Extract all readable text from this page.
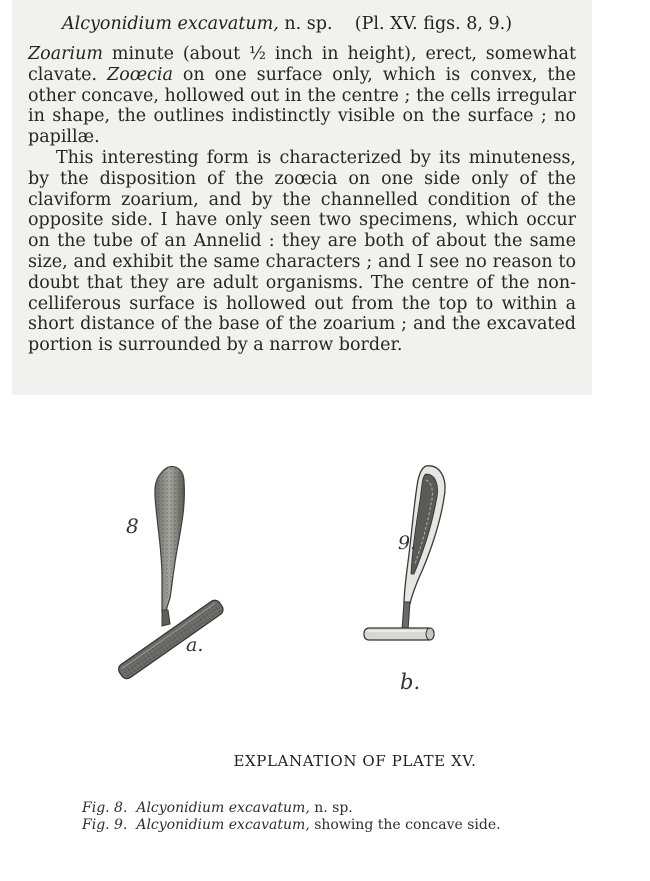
Alcyonidium excavatum, n. sp. (Pl. XV. figs. 8, 9.)

Zoarium minute (about ½ inch in height), erect, somewhat clavate. Zoœcia on one surface only, which is convex, the other concave, hollowed out in the centre ; the cells irregular in shape, the outlines indistinctly visible on the surface ; no papillæ.

This interesting form is characterized by its minuteness, by the disposition of the zoœcia on one side only of the claviform zoarium, and by the channelled condition of the opposite side. I have only seen two specimens, which occur on the tube of an Annelid : they are both of about the same size, and exhibit the same characters ; and I see no reason to doubt that they are adult organisms. The centre of the non-celliferous surface is hollowed out from the top to within a short distance of the base of the zoarium ; and the excavated portion is surrounded by a narrow border.

8
a.
9.
b.
EXPLANATION OF PLATE XV.
Fig. 8. Alcyonidium excavatum, n. sp.
Fig. 9. Alcyonidium excavatum, showing the concave side.
